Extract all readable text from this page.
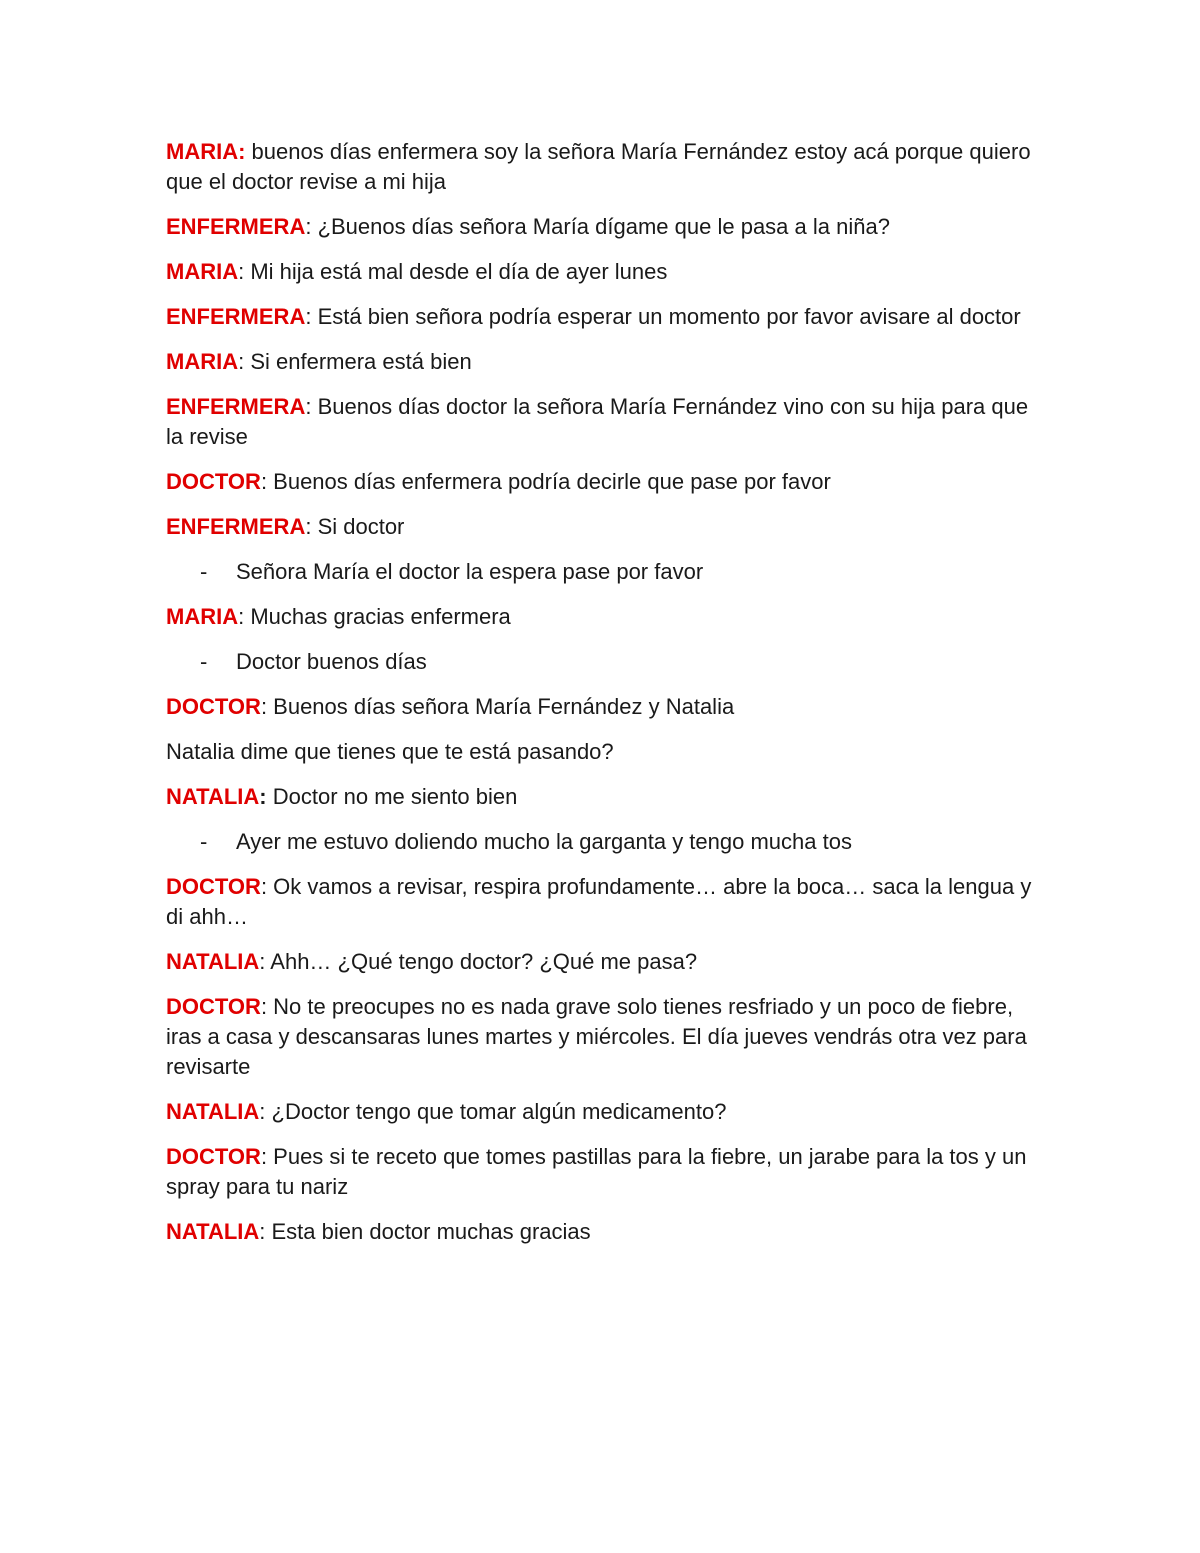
MARIA: buenos días enfermera soy la señora María Fernández estoy acá porque quiero que el doctor revise a mi hija

ENFERMERA: ¿Buenos días señora María dígame que le pasa a la niña?

MARIA: Mi hija está mal desde el día de ayer lunes

ENFERMERA: Está bien señora podría esperar un momento por favor avisare al doctor

MARIA: Si enfermera está bien

ENFERMERA: Buenos días doctor la señora María Fernández vino con su hija para que la revise

DOCTOR: Buenos días enfermera podría decirle que pase por favor

ENFERMERA: Si doctor

- Señora María el doctor la espera pase por favor

MARIA: Muchas gracias enfermera

- Doctor buenos días

DOCTOR: Buenos días señora María Fernández y Natalia

Natalia dime que tienes que te está pasando?

NATALIA: Doctor no me siento bien

- Ayer me estuvo doliendo mucho la garganta y tengo mucha tos

DOCTOR: Ok vamos a revisar, respira profundamente… abre la boca… saca la lengua y di ahh…

NATALIA: Ahh… ¿Qué tengo doctor? ¿Qué me pasa?

DOCTOR: No te preocupes no es nada grave solo tienes resfriado y un poco de fiebre, iras a casa y descansaras lunes martes y miércoles. El día jueves vendrás otra vez para revisarte

NATALIA: ¿Doctor tengo que tomar algún medicamento?

DOCTOR: Pues si te receto que tomes pastillas para la fiebre, un jarabe para la tos y un spray para tu nariz

NATALIA: Esta bien doctor muchas gracias
